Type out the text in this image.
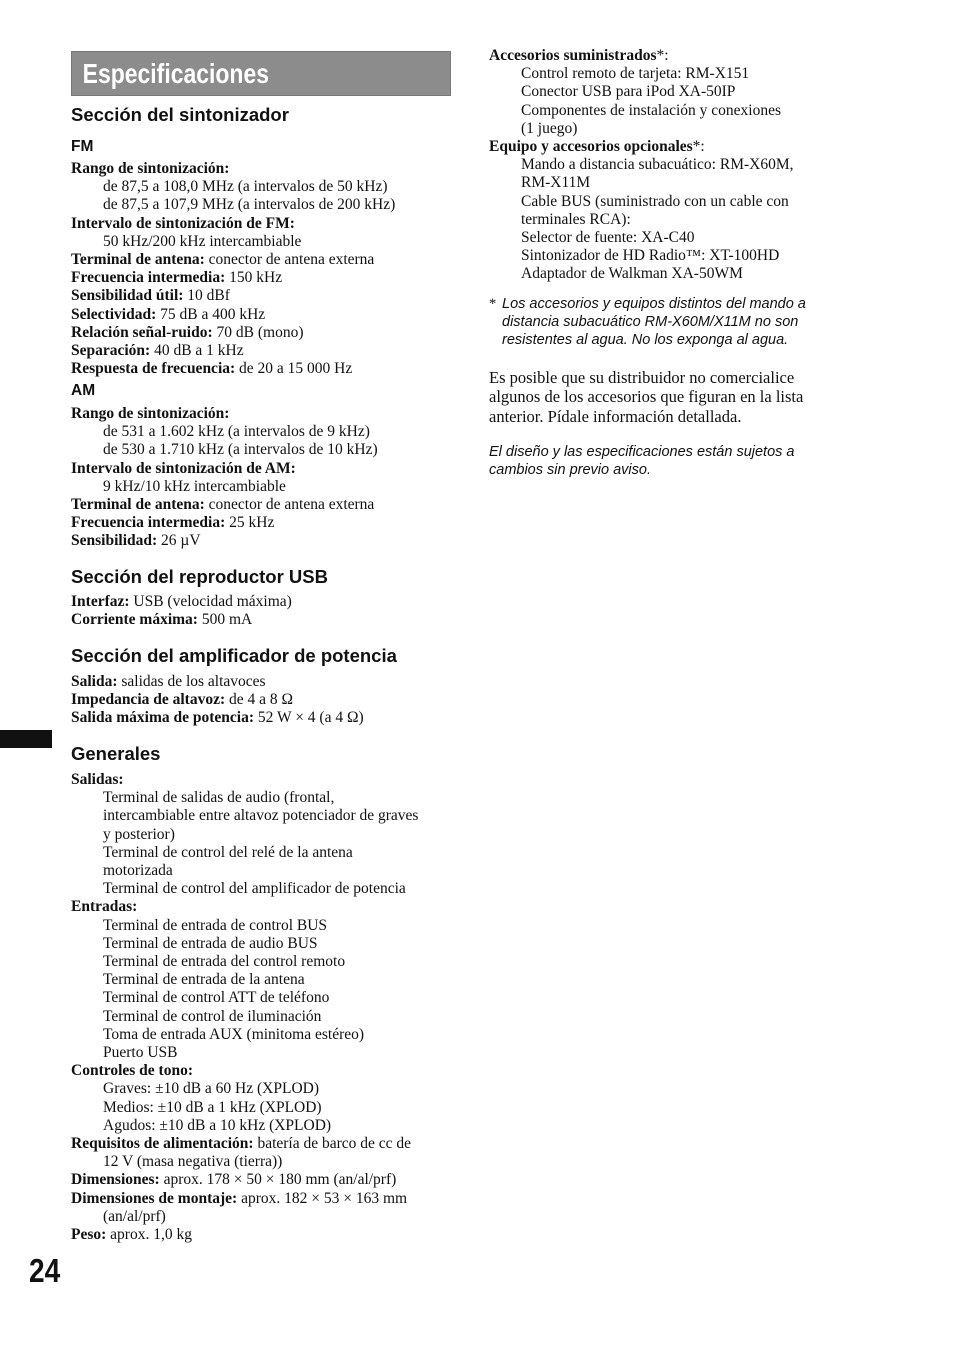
Especificaciones
Sección del sintonizador
FM
Rango de sintonización:
de 87,5 a 108,0 MHz (a intervalos de 50 kHz)
de 87,5 a 107,9 MHz (a intervalos de 200 kHz)
Intervalo de sintonización de FM:
50 kHz/200 kHz intercambiable
Terminal de antena: conector de antena externa
Frecuencia intermedia: 150 kHz
Sensibilidad útil: 10 dBf
Selectividad: 75 dB a 400 kHz
Relación señal-ruido: 70 dB (mono)
Separación: 40 dB a 1 kHz
Respuesta de frecuencia: de 20 a 15 000 Hz
AM
Rango de sintonización:
de 531 a 1.602 kHz (a intervalos de 9 kHz)
de 530 a 1.710 kHz (a intervalos de 10 kHz)
Intervalo de sintonización de AM:
9 kHz/10 kHz intercambiable
Terminal de antena: conector de antena externa
Frecuencia intermedia: 25 kHz
Sensibilidad: 26 µV
Sección del reproductor USB
Interfaz: USB (velocidad máxima)
Corriente máxima: 500 mA
Sección del amplificador de potencia
Salida: salidas de los altavoces
Impedancia de altavoz: de 4 a 8 Ω
Salida máxima de potencia: 52 W × 4 (a 4 Ω)
Generales
Salidas:
Terminal de salidas de audio (frontal,
intercambiable entre altavoz potenciador de graves
y posterior)
Terminal de control del relé de la antena
motorizada
Terminal de control del amplificador de potencia
Entradas:
Terminal de entrada de control BUS
Terminal de entrada de audio BUS
Terminal de entrada del control remoto
Terminal de entrada de la antena
Terminal de control ATT de teléfono
Terminal de control de iluminación
Toma de entrada AUX (minitoma estéreo)
Puerto USB
Controles de tono:
Graves: ±10 dB a 60 Hz (XPLOD)
Medios: ±10 dB a 1 kHz (XPLOD)
Agudos: ±10 dB a 10 kHz (XPLOD)
Requisitos de alimentación: batería de barco de cc de
12 V (masa negativa (tierra))
Dimensiones: aprox. 178 × 50 × 180 mm (an/al/prf)
Dimensiones de montaje: aprox. 182 × 53 × 163 mm
(an/al/prf)
Peso: aprox. 1,0 kg
Accesorios suministrados*:
Control remoto de tarjeta: RM-X151
Conector USB para iPod XA-50IP
Componentes de instalación y conexiones
(1 juego)
Equipo y accesorios opcionales*:
Mando a distancia subacuático: RM-X60M,
RM-X11M
Cable BUS (suministrado con un cable con
terminales RCA):
Selector de fuente: XA-C40
Sintonizador de HD Radio™: XT-100HD
Adaptador de Walkman XA-50WM
* Los accesorios y equipos distintos del mando a
distancia subacuático RM-X60M/X11M no son
resistentes al agua. No los exponga al agua.
Es posible que su distribuidor no comercialice
algunos de los accesorios que figuran en la lista
anterior. Pídale información detallada.
El diseño y las especificaciones están sujetos a
cambios sin previo aviso.
24
